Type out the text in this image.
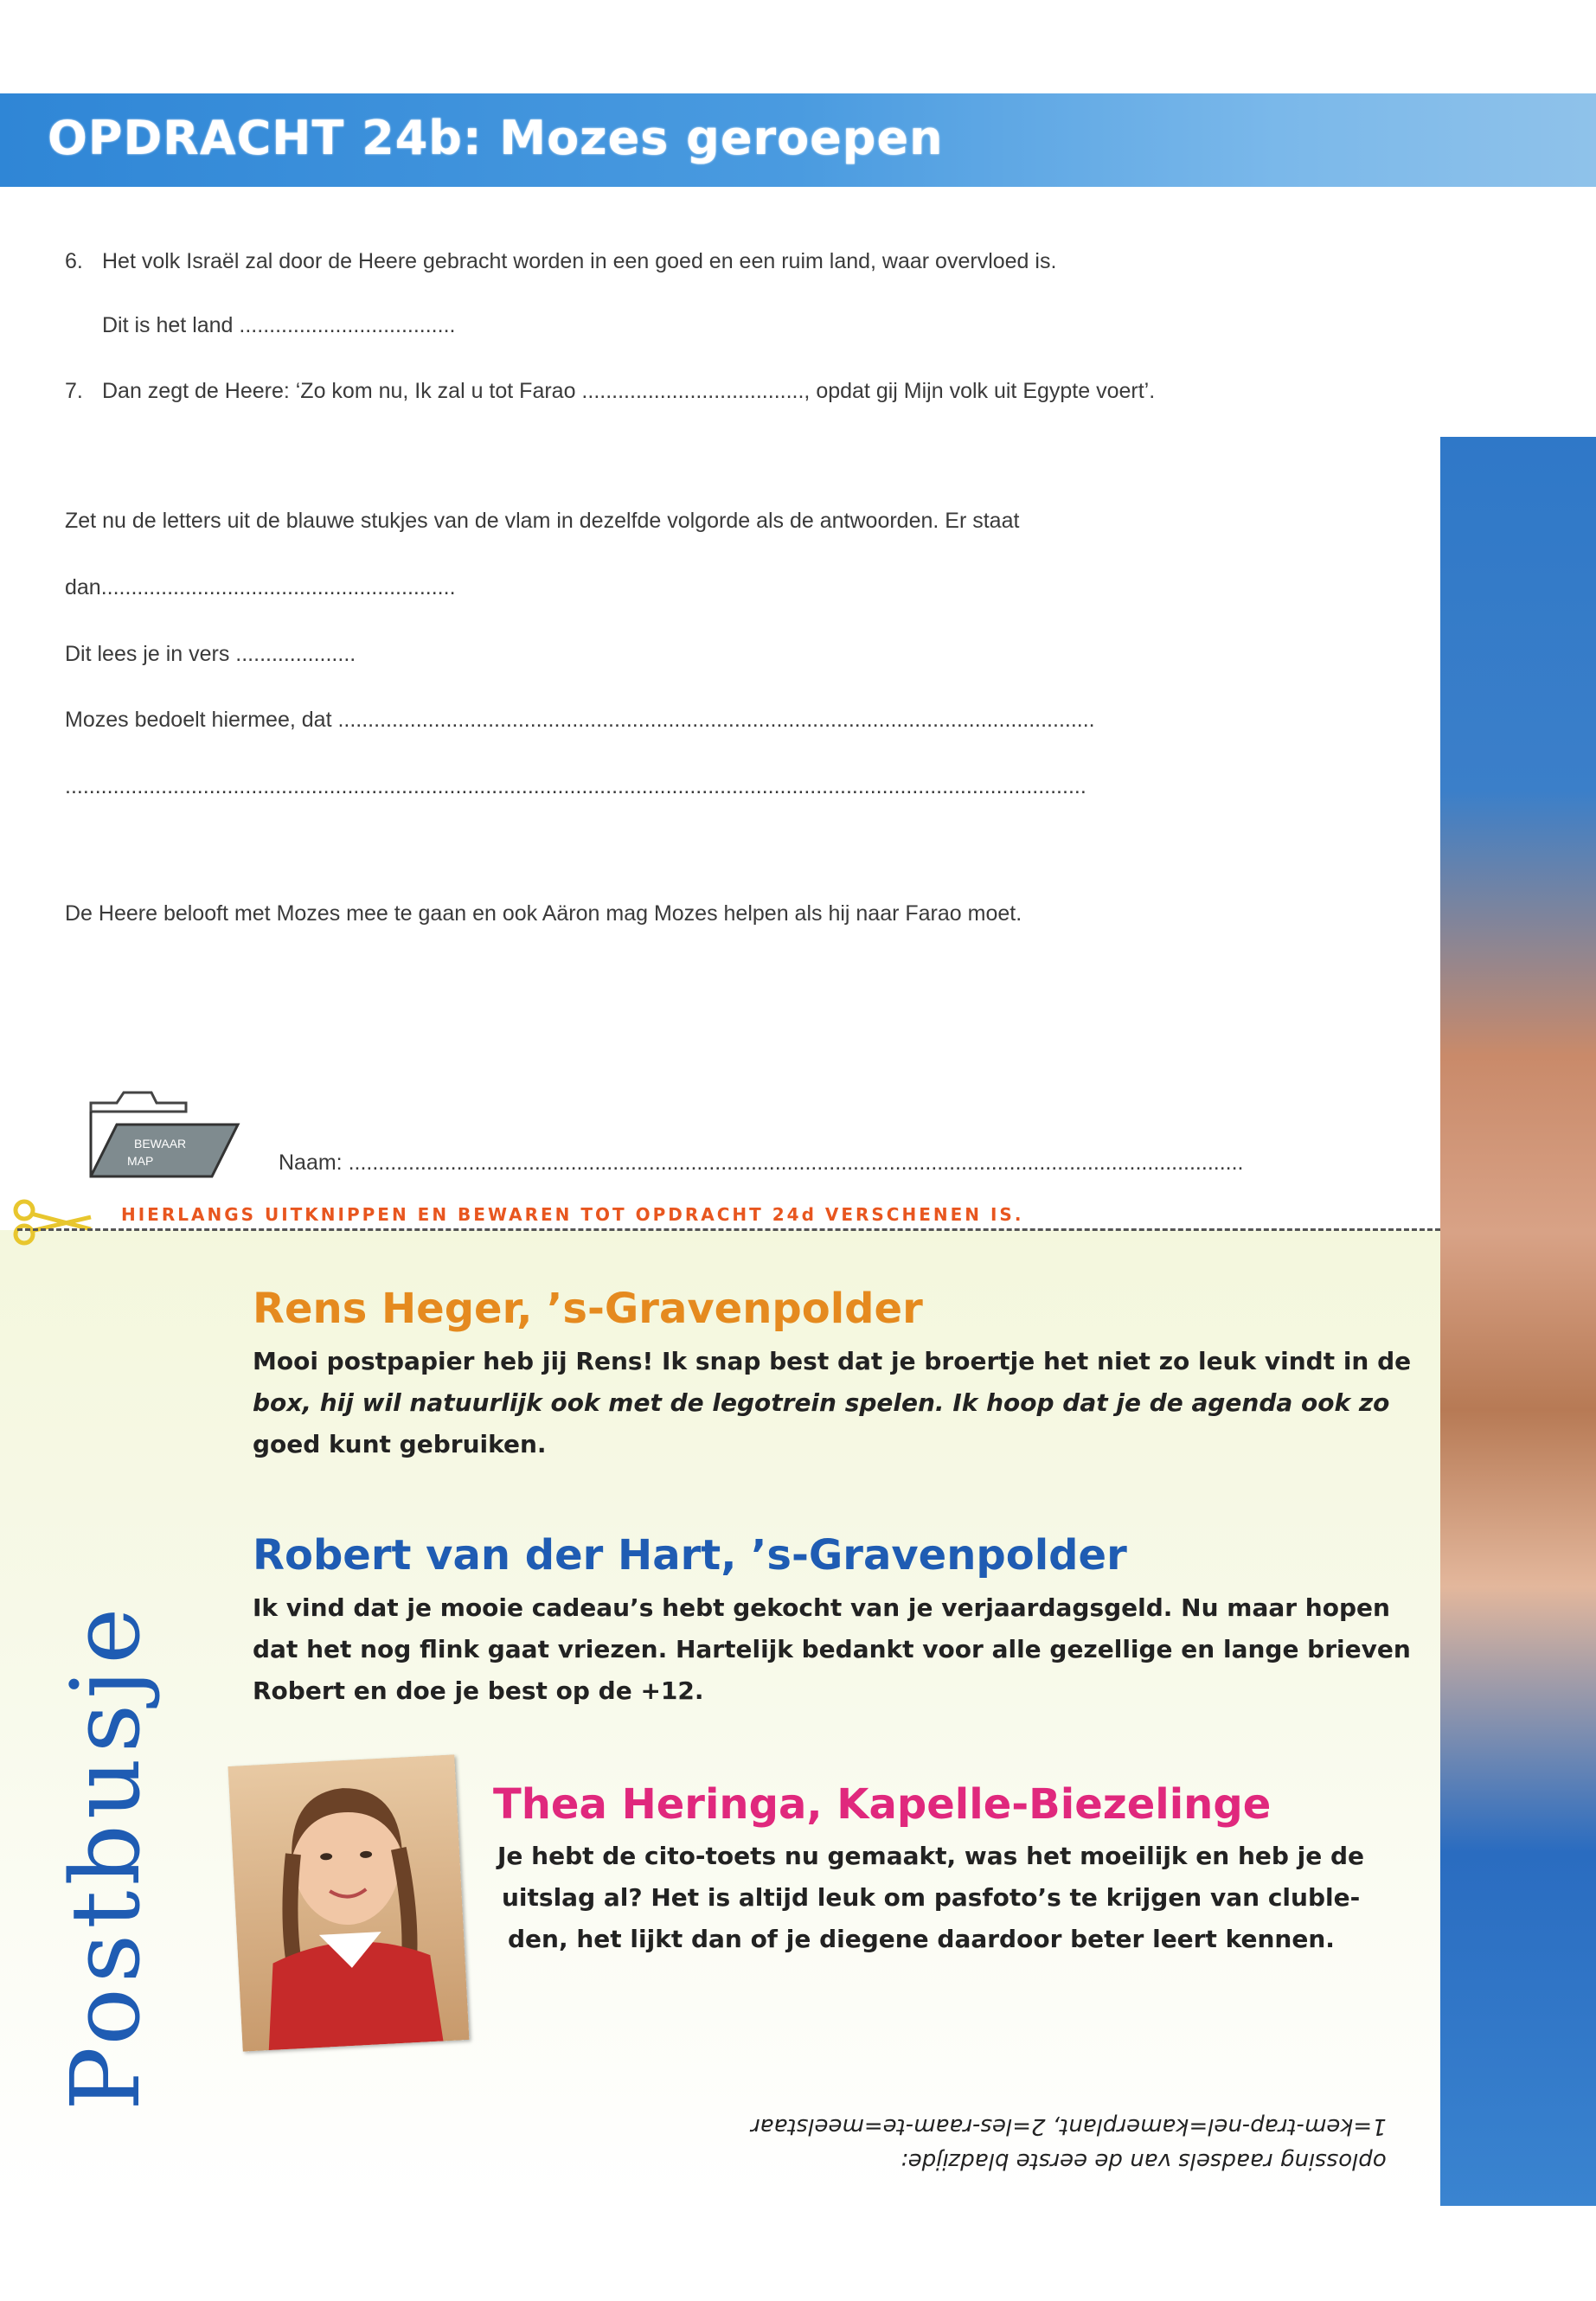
OPDRACHT 24b: Mozes geroepen
6. Het volk Israël zal door de Heere gebracht worden in een goed en een ruim land, waar overvloed is.
Dit is het land ....................................
7. Dan zegt de Heere: ‘Zo kom nu, Ik zal u tot Farao ....................................., opdat gij Mijn volk uit Egypte voert’.
Zet nu de letters uit de blauwe stukjes van de vlam in dezelfde volgorde als de antwoorden. Er staat
dan...........................................................
Dit lees je in vers ....................
Mozes bedoelt hiermee, dat ..............................................................................................................................
..........................................................................................................................................................................
De Heere belooft met Mozes mee te gaan en ook Aäron mag Mozes helpen als hij naar Farao moet.
BEWAAR
MAP	Naam: .....................................................................................................................................................
HIERLANGS UITKNIPPEN EN BEWAREN TOT OPDRACHT 24d VERSCHENEN IS.
Postbusje
Rens Heger, ’s-Gravenpolder
Mooi postpapier heb jij Rens! Ik snap best dat je broertje het niet zo leuk vindt in de
box, hij wil natuurlijk ook met de legotrein spelen. Ik hoop dat je de agenda ook zo
goed kunt gebruiken.
Robert van der Hart, ’s-Gravenpolder
Ik vind dat je mooie cadeau’s hebt gekocht van je verjaardagsgeld. Nu maar hopen
dat het nog flink gaat vriezen. Hartelijk bedankt voor alle gezellige en lange brieven
Robert en doe je best op de +12.
Thea Heringa, Kapelle-Biezelinge
Je hebt de cito-toets nu gemaakt, was het moeilijk en heb je de
uitslag al? Het is altijd leuk om pasfoto’s te krijgen van cluble-
den, het lijkt dan of je diegene daardoor beter leert kennen.
oplossing raadsels van de eerste bladzijde:
1=kem-trap-nel=kamerplant, 2=les-raam-te=meelstaar
